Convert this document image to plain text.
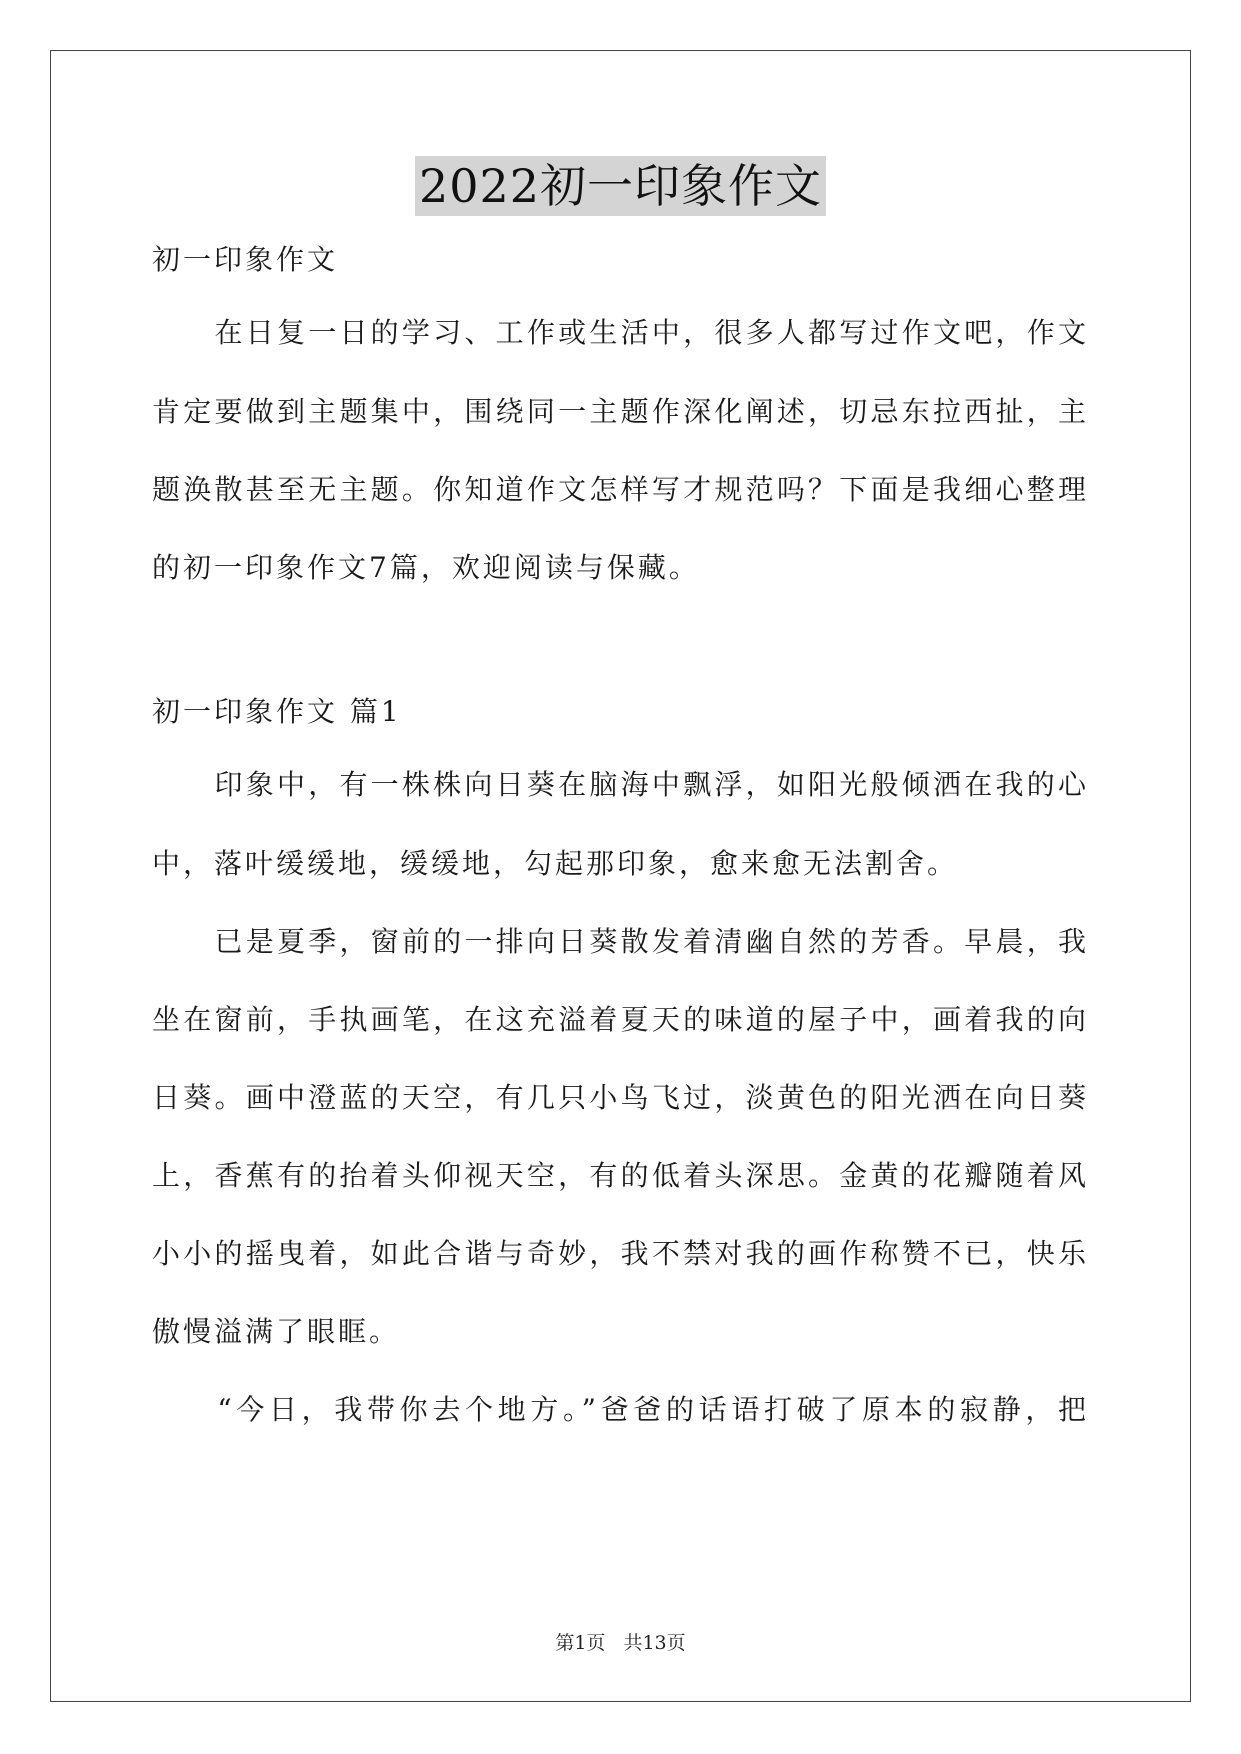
2022初一印象作文
初一印象作文
　　在日复一日的学习、工作或生活中，很多人都写过作文吧，作文
肯定要做到主题集中，围绕同一主题作深化阐述，切忌东拉西扯，主
题涣散甚至无主题。你知道作文怎样写才规范吗？下面是我细心整理
的初一印象作文7篇，欢迎阅读与保藏。
初一印象作文 篇1
　　印象中，有一株株向日葵在脑海中飘浮，如阳光般倾洒在我的心
中，落叶缓缓地，缓缓地，勾起那印象，愈来愈无法割舍。
　　已是夏季，窗前的一排向日葵散发着清幽自然的芳香。早晨，我
坐在窗前，手执画笔，在这充溢着夏天的味道的屋子中，画着我的向
日葵。画中澄蓝的天空，有几只小鸟飞过，淡黄色的阳光洒在向日葵
上，香蕉有的抬着头仰视天空，有的低着头深思。金黄的花瓣随着风
小小的摇曳着，如此合谐与奇妙，我不禁对我的画作称赞不已，快乐
傲慢溢满了眼眶。
　　“今日，我带你去个地方。”爸爸的话语打破了原本的寂静，把
第1页 共13页
